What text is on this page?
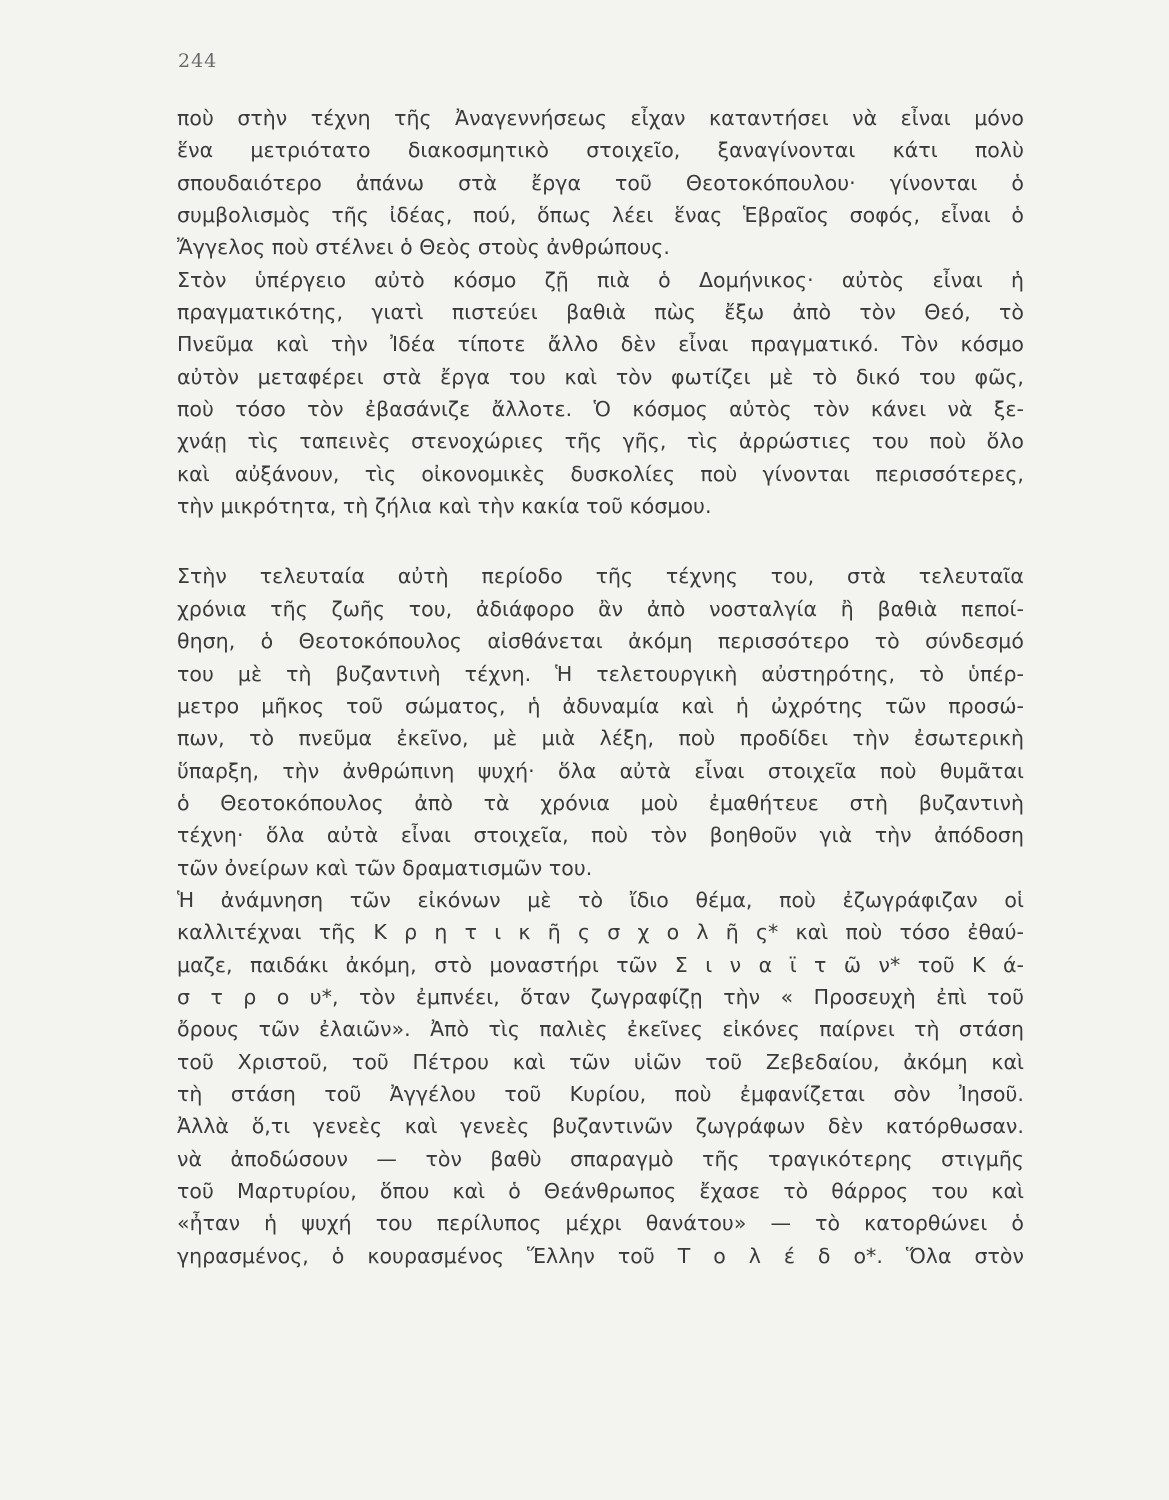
244
ποὺ στὴν τέχνη τῆς Ἀναγεννήσεως εἶχαν καταντήσει νὰ εἶναι μόνο
ἕνα μετριότατο διακοσμητικὸ στοιχεῖο, ξαναγίνονται κάτι πολὺ
σπουδαιότερο ἀπάνω στὰ ἔργα τοῦ Θεοτοκόπουλου· γίνονται ὁ
συμβολισμὸς τῆς ἰδέας, πού, ὅπως λέει ἕνας Ἑβραῖος σοφός, εἶναι ὁ
Ἄγγελος ποὺ στέλνει ὁ Θεὸς στοὺς ἀνθρώπους.
Στὸν ὑπέργειο αὐτὸ κόσμο ζῇ πιὰ ὁ Δομήνικος· αὐτὸς εἶναι ἡ
πραγματικότης, γιατὶ πιστεύει βαθιὰ πὼς ἔξω ἀπὸ τὸν Θεό, τὸ
Πνεῦμα καὶ τὴν Ἰδέα τίποτε ἄλλο δὲν εἶναι πραγματικό. Τὸν κόσμο
αὐτὸν μεταφέρει στὰ ἔργα του καὶ τὸν φωτίζει μὲ τὸ δικό του φῶς,
ποὺ τόσο τὸν ἐβασάνιζε ἄλλοτε. Ὁ κόσμος αὐτὸς τὸν κάνει νὰ ξε-
χνάῃ τὶς ταπεινὲς στενοχώριες τῆς γῆς, τὶς ἀρρώστιες του ποὺ ὅλο
καὶ αὐξάνουν, τὶς οἰκονομικὲς δυσκολίες ποὺ γίνονται περισσότερες,
τὴν μικρότητα, τὴ ζήλια καὶ τὴν κακία τοῦ κόσμου.
Στὴν τελευταία αὐτὴ περίοδο τῆς τέχνης του, στὰ τελευταῖα
χρόνια τῆς ζωῆς του, ἀδιάφορο ἂν ἀπὸ νοσταλγία ἢ βαθιὰ πεποί-
θηση, ὁ Θεοτοκόπουλος αἰσθάνεται ἀκόμη περισσότερο τὸ σύνδεσμό
του μὲ τὴ βυζαντινὴ τέχνη. Ἡ τελετουργικὴ αὐστηρότης, τὸ ὑπέρ-
μετρο μῆκος τοῦ σώματος, ἡ ἀδυναμία καὶ ἡ ὠχρότης τῶν προσώ-
πων, τὸ πνεῦμα ἐκεῖνο, μὲ μιὰ λέξη, ποὺ προδίδει τὴν ἐσωτερικὴ
ὕπαρξη, τὴν ἀνθρώπινη ψυχή· ὅλα αὐτὰ εἶναι στοιχεῖα ποὺ θυμᾶται
ὁ Θεοτοκόπουλος ἀπὸ τὰ χρόνια μοὺ ἐμαθήτευε στὴ βυζαντινὴ
τέχνη· ὅλα αὐτὰ εἶναι στοιχεῖα, ποὺ τὸν βοηθοῦν γιὰ τὴν ἀπόδοση
τῶν ὀνείρων καὶ τῶν δραματισμῶν του.
Ἡ ἀνάμνηση τῶν εἰκόνων μὲ τὸ ἴδιο θέμα, ποὺ ἐζωγράφιζαν οἱ
καλλιτέχναι τῆς Κ ρ η τ ι κ ῆ ς σ χ ο λ ῆ ς* καὶ ποὺ τόσο ἐθαύ-
μαζε, παιδάκι ἀκόμη, στὸ μοναστήρι τῶν Σ ι ν α ϊ τ ῶ ν* τοῦ Κ ά-
σ τ ρ ο υ*, τὸν ἐμπνέει, ὅταν ζωγραφίζῃ τὴν « Προσευχὴ ἐπὶ τοῦ
ὄρους τῶν ἐλαιῶν». Ἀπὸ τὶς παλιὲς ἐκεῖνες εἰκόνες παίρνει τὴ στάση
τοῦ Χριστοῦ, τοῦ Πέτρου καὶ τῶν υἱῶν τοῦ Ζεβεδαίου, ἀκόμη καὶ
τὴ στάση τοῦ Ἀγγέλου τοῦ Κυρίου, ποὺ ἐμφανίζεται σὸν Ἰησοῦ.
Ἀλλὰ ὅ,τι γενεὲς καὶ γενεὲς βυζαντινῶν ζωγράφων δὲν κατόρθωσαν.
νὰ ἀποδώσουν — τὸν βαθὺ σπαραγμὸ τῆς τραγικότερης στιγμῆς
τοῦ Μαρτυρίου, ὅπου καὶ ὁ Θεάνθρωπος ἔχασε τὸ θάρρος του καὶ
«ἦταν ἡ ψυχή του περίλυπος μέχρι θανάτου» — τὸ κατορθώνει ὁ
γηρασμένος, ὁ κουρασμένος Ἕλλην τοῦ Τ ο λ έ δ ο*. Ὅλα στὸν
